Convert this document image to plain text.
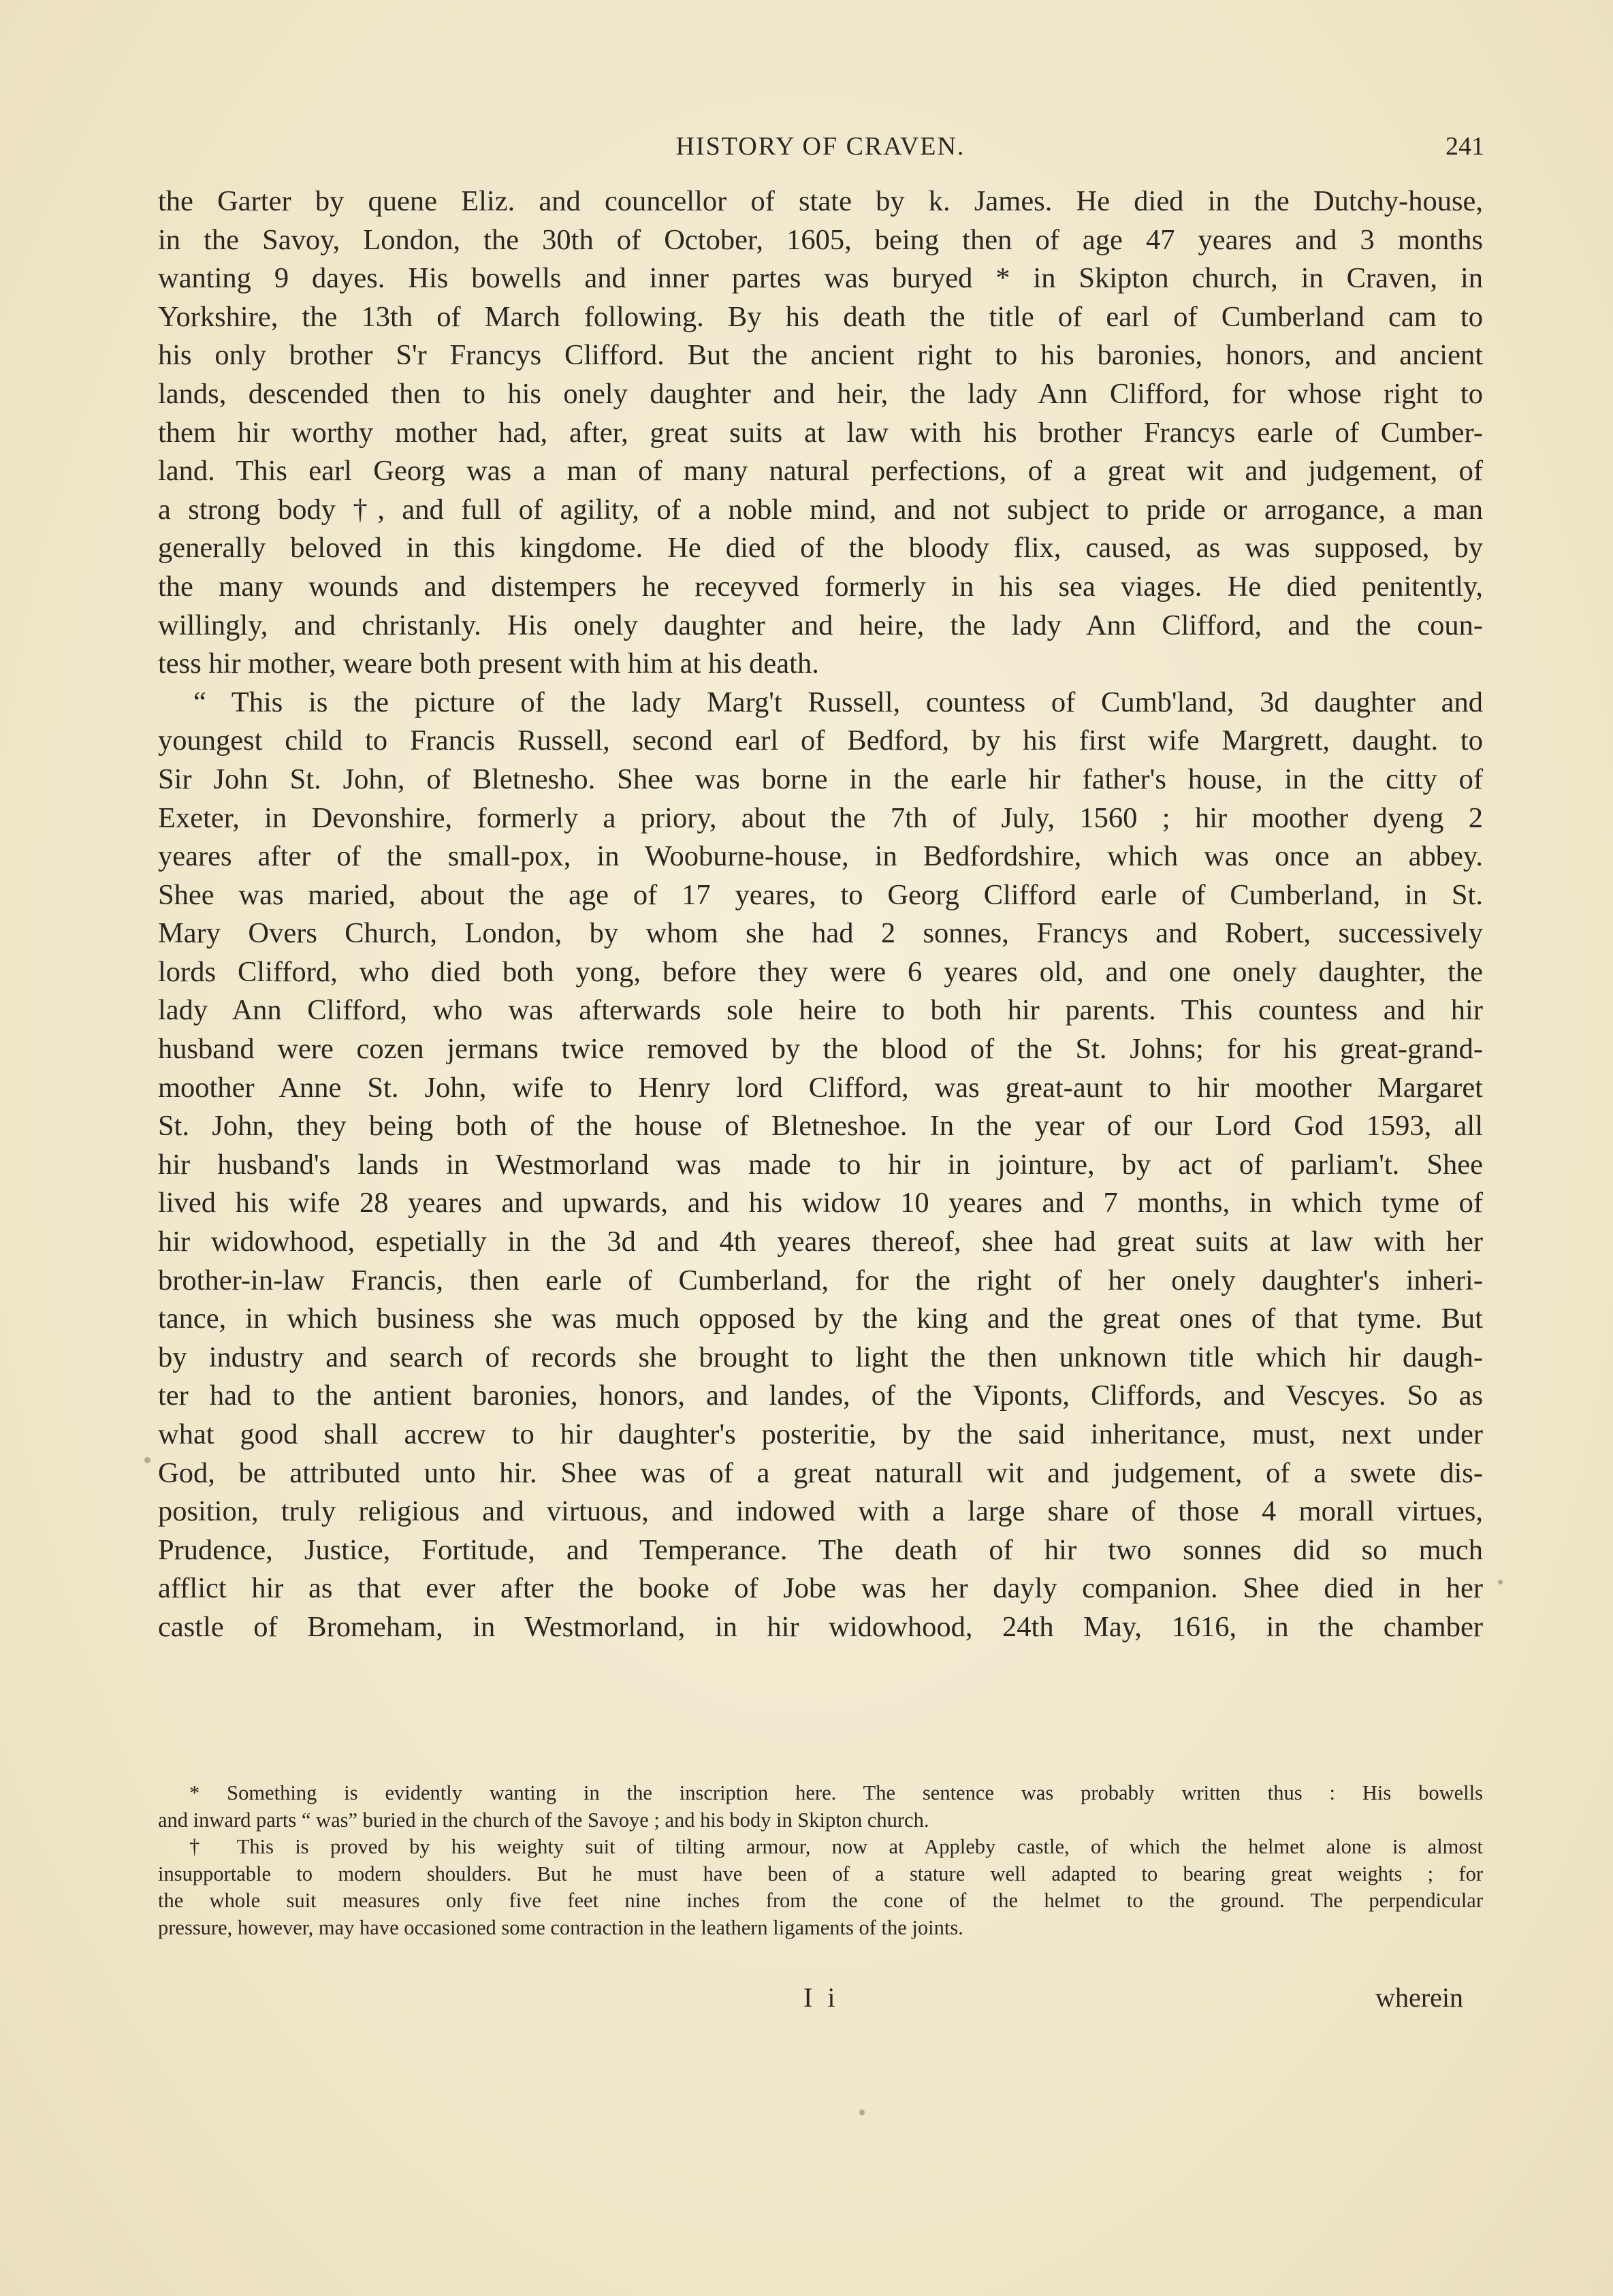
HISTORY OF CRAVEN.	241
the Garter by quene Eliz. and councellor of state by k. James. He died in the Dutchy-house,
in the Savoy, London, the 30th of October, 1605, being then of age 47 yeares and 3 months
wanting 9 dayes. His bowells and inner partes was buryed * in Skipton church, in Craven, in
Yorkshire, the 13th of March following. By his death the title of earl of Cumberland cam to
his only brother S'r Francys Clifford. But the ancient right to his baronies, honors, and ancient
lands, descended then to his onely daughter and heir, the lady Ann Clifford, for whose right to
them hir worthy mother had, after, great suits at law with his brother Francys earle of Cumber-
land. This earl Georg was a man of many natural perfections, of a great wit and judgement, of
a strong body †, and full of agility, of a noble mind, and not subject to pride or arrogance, a man
generally beloved in this kingdome. He died of the bloody flix, caused, as was supposed, by
the many wounds and distempers he receyved formerly in his sea viages. He died penitently,
willingly, and christanly. His onely daughter and heire, the lady Ann Clifford, and the coun-
tess hir mother, weare both present with him at his death.
“ This is the picture of the lady Marg't Russell, countess of Cumb'land, 3d daughter and
youngest child to Francis Russell, second earl of Bedford, by his first wife Margrett, daught. to
Sir John St. John, of Bletnesho. Shee was borne in the earle hir father's house, in the citty of
Exeter, in Devonshire, formerly a priory, about the 7th of July, 1560 ; hir moother dyeng 2
yeares after of the small-pox, in Wooburne-house, in Bedfordshire, which was once an abbey.
Shee was maried, about the age of 17 yeares, to Georg Clifford earle of Cumberland, in St.
Mary Overs Church, London, by whom she had 2 sonnes, Francys and Robert, successively
lords Clifford, who died both yong, before they were 6 yeares old, and one onely daughter, the
lady Ann Clifford, who was afterwards sole heire to both hir parents. This countess and hir
husband were cozen jermans twice removed by the blood of the St. Johns; for his great-grand-
moother Anne St. John, wife to Henry lord Clifford, was great-aunt to hir moother Margaret
St. John, they being both of the house of Bletneshoe. In the year of our Lord God 1593, all
hir husband's lands in Westmorland was made to hir in jointure, by act of parliam't. Shee
lived his wife 28 yeares and upwards, and his widow 10 yeares and 7 months, in which tyme of
hir widowhood, espetially in the 3d and 4th yeares thereof, shee had great suits at law with her
brother-in-law Francis, then earle of Cumberland, for the right of her onely daughter's inheri-
tance, in which business she was much opposed by the king and the great ones of that tyme. But
by industry and search of records she brought to light the then unknown title which hir daugh-
ter had to the antient baronies, honors, and landes, of the Viponts, Cliffords, and Vescyes. So as
what good shall accrew to hir daughter's posteritie, by the said inheritance, must, next under
God, be attributed unto hir. Shee was of a great naturall wit and judgement, of a swete dis-
position, truly religious and virtuous, and indowed with a large share of those 4 morall virtues,
Prudence, Justice, Fortitude, and Temperance. The death of hir two sonnes did so much
afflict hir as that ever after the booke of Jobe was her dayly companion. Shee died in her
castle of Bromeham, in Westmorland, in hir widowhood, 24th May, 1616, in the chamber
* Something is evidently wanting in the inscription here. The sentence was probably written thus : His bowells
and inward parts “ was” buried in the church of the Savoye ; and his body in Skipton church.
† This is proved by his weighty suit of tilting armour, now at Appleby castle, of which the helmet alone is almost
insupportable to modern shoulders. But he must have been of a stature well adapted to bearing great weights ; for
the whole suit measures only five feet nine inches from the cone of the helmet to the ground. The perpendicular
pressure, however, may have occasioned some contraction in the leathern ligaments of the joints.
I i	wherein
